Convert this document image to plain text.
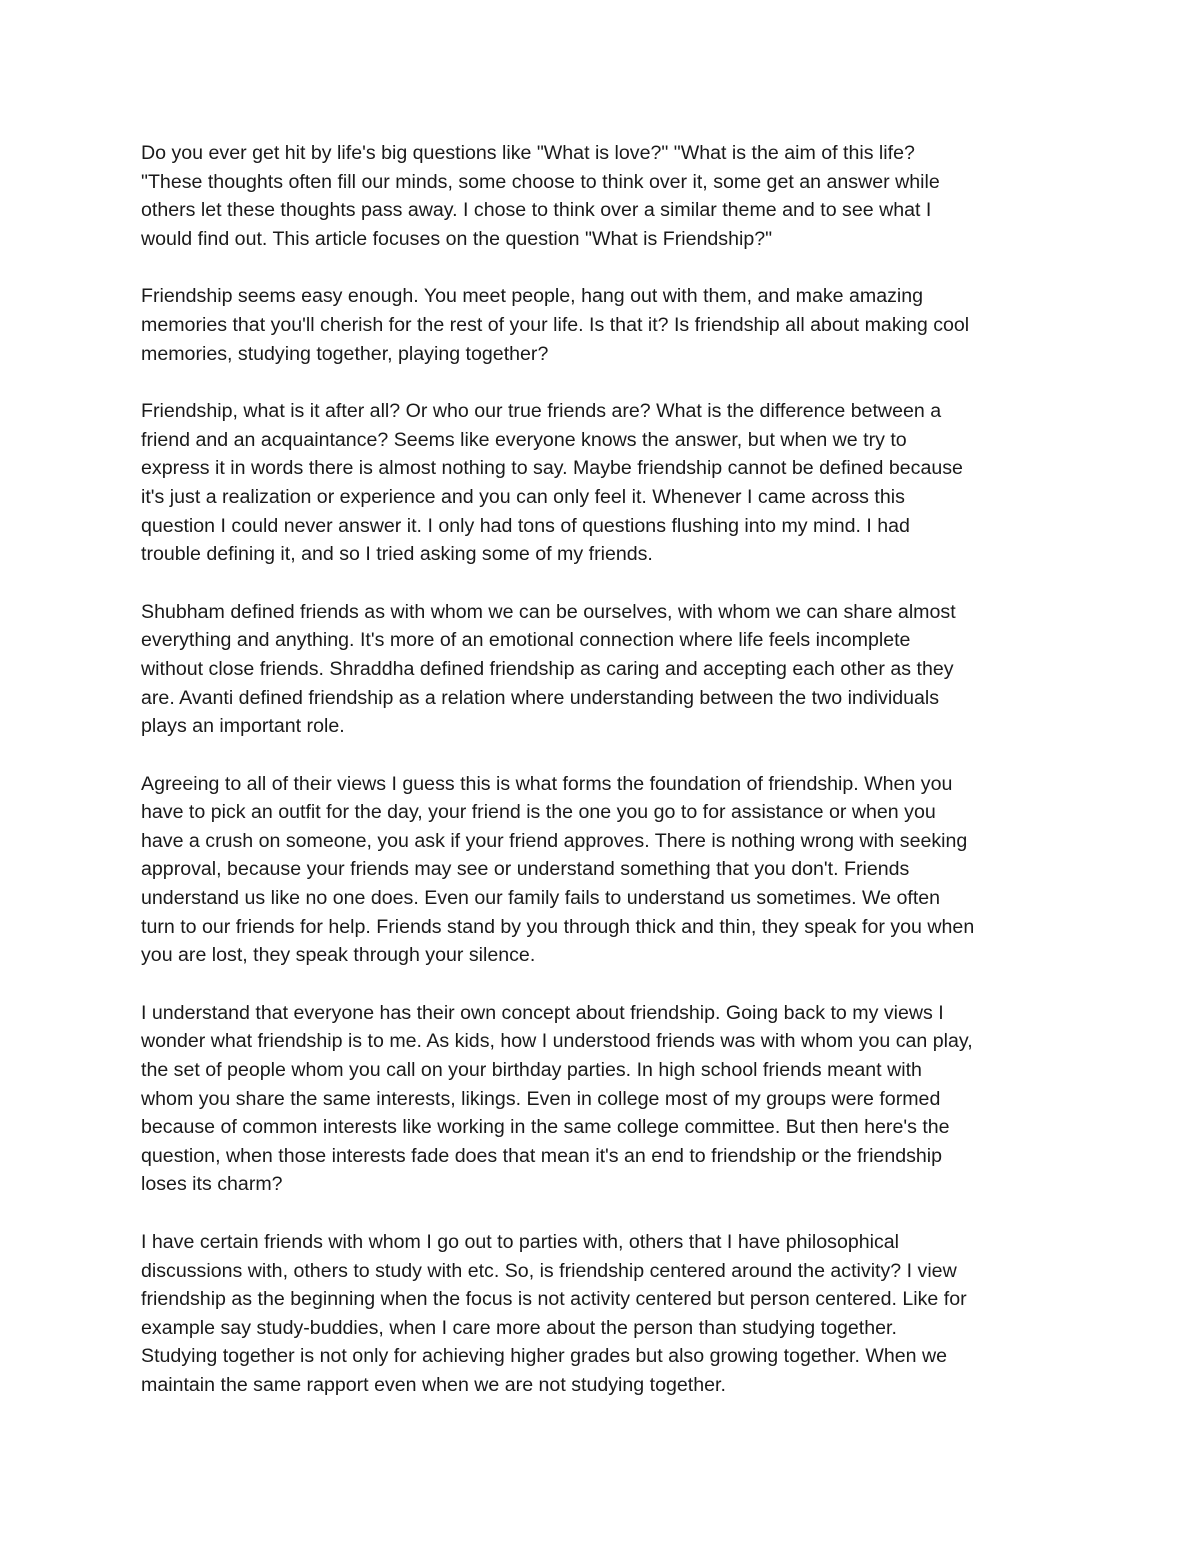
Do you ever get hit by life's big questions like "What is love?" "What is the aim of this life?
"These thoughts often fill our minds, some choose to think over it, some get an answer while
others let these thoughts pass away. I chose to think over a similar theme and to see what I
would find out. This article focuses on the question "What is Friendship?"

Friendship seems easy enough. You meet people, hang out with them, and make amazing
memories that you'll cherish for the rest of your life. Is that it? Is friendship all about making cool
memories, studying together, playing together?

Friendship, what is it after all? Or who our true friends are? What is the difference between a
friend and an acquaintance? Seems like everyone knows the answer, but when we try to
express it in words there is almost nothing to say. Maybe friendship cannot be defined because
it's just a realization or experience and you can only feel it. Whenever I came across this
question I could never answer it. I only had tons of questions flushing into my mind. I had
trouble defining it, and so I tried asking some of my friends.

Shubham defined friends as with whom we can be ourselves, with whom we can share almost
everything and anything. It's more of an emotional connection where life feels incomplete
without close friends. Shraddha defined friendship as caring and accepting each other as they
are. Avanti defined friendship as a relation where understanding between the two individuals
plays an important role.

Agreeing to all of their views I guess this is what forms the foundation of friendship. When you
have to pick an outfit for the day, your friend is the one you go to for assistance or when you
have a crush on someone, you ask if your friend approves. There is nothing wrong with seeking
approval, because your friends may see or understand something that you don't. Friends
understand us like no one does. Even our family fails to understand us sometimes. We often
turn to our friends for help. Friends stand by you through thick and thin, they speak for you when
you are lost, they speak through your silence.

I understand that everyone has their own concept about friendship. Going back to my views I
wonder what friendship is to me. As kids, how I understood friends was with whom you can play,
the set of people whom you call on your birthday parties. In high school friends meant with
whom you share the same interests, likings. Even in college most of my groups were formed
because of common interests like working in the same college committee. But then here's the
question, when those interests fade does that mean it's an end to friendship or the friendship
loses its charm?

I have certain friends with whom I go out to parties with, others that I have philosophical
discussions with, others to study with etc. So, is friendship centered around the activity? I view
friendship as the beginning when the focus is not activity centered but person centered. Like for
example say study-buddies, when I care more about the person than studying together.
Studying together is not only for achieving higher grades but also growing together. When we
maintain the same rapport even when we are not studying together.
